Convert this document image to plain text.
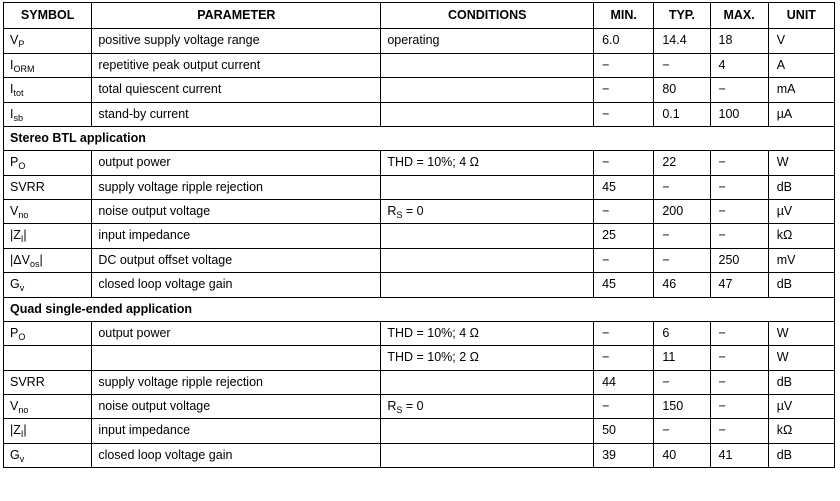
SYMBOL	PARAMETER	CONDITIONS	MIN.	TYP.	MAX.	UNIT
$V_P$	positive supply voltage range	operating	6.0	14.4	18	V
$I_{ORM}$	repetitive peak output current		−	−	4	A
$I_{tot}$	total quiescent current		−	80	−	mA
$I_{sb}$	stand-by current		−	0.1	100	µA
Stereo BTL application						
$P_O$	output power	THD = 10%; 4 Ω	−	22	−	W
SVRR	supply voltage ripple rejection		45	−	−	dB
$V_{no}$	noise output voltage	$R_S = 0$	−	200	−	µV
$|Z_I|$	input impedance		25	−	−	kΩ
$|\Delta V_{os}|$	DC output offset voltage		−	−	250	mV
$G_v$	closed loop voltage gain		45	46	47	dB
Quad single-ended application						
$P_O$	output power	THD = 10%; 4 Ω	−	6	−	W
		THD = 10%; 2 Ω	−	11	−	W
SVRR	supply voltage ripple rejection		44	−	−	dB
$V_{no}$	noise output voltage	$R_S = 0$	−	150	−	µV
$|Z_I|$	input impedance		50	−	−	kΩ
$G_v$	closed loop voltage gain		39	40	41	dB
